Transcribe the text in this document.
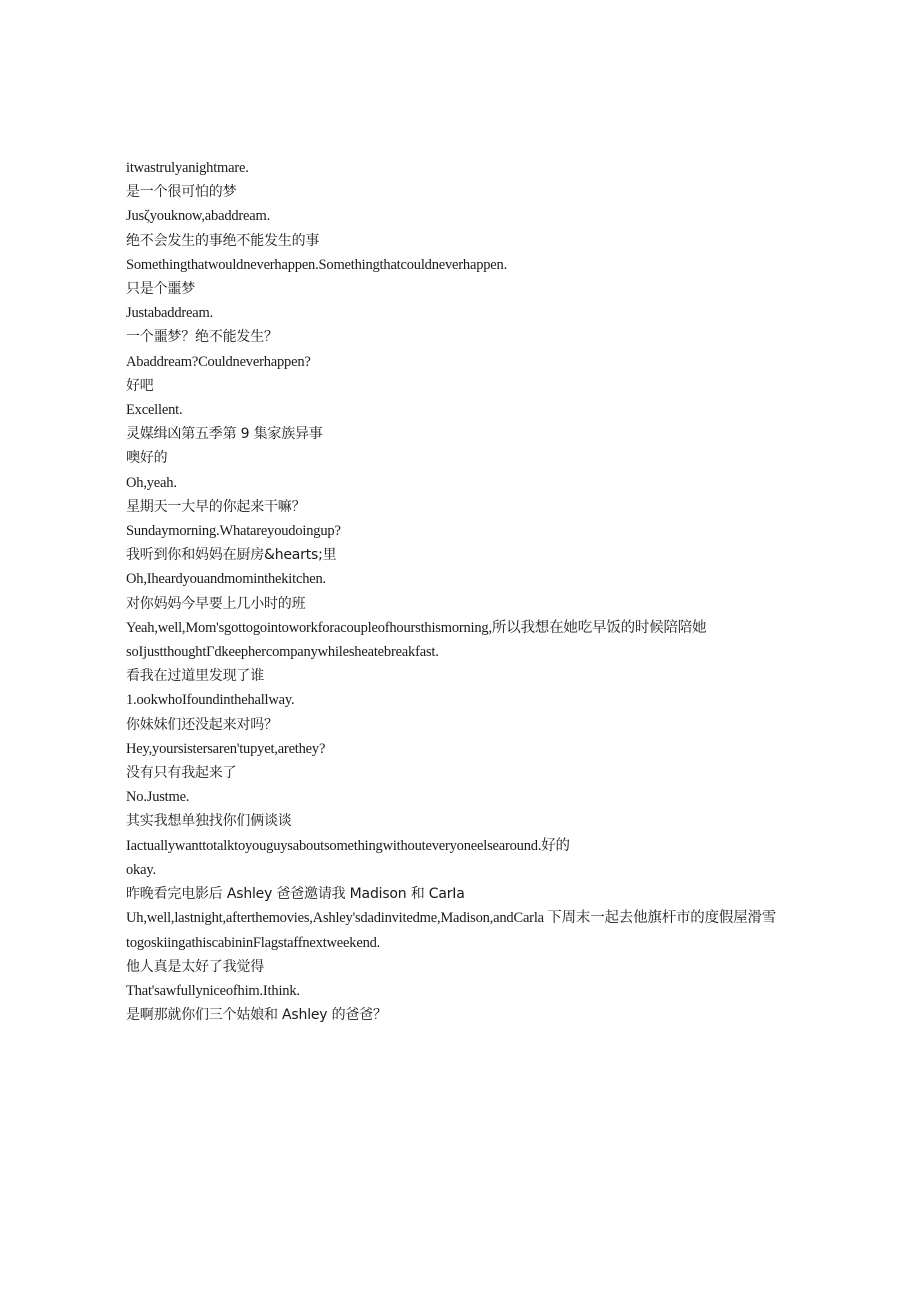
itwastrulyanightmare.
是一个很可怕的梦
Jusζyouknow,abaddream.
绝不会发生的事绝不能发生的事
Somethingthatwouldneverhappen.Somethingthatcouldneverhappen.
只是个噩梦
Justabaddream.
一个噩梦？绝不能发生？
Abaddream?Couldneverhappen?
好吧
Excellent.
灵媒缉凶第五季第 9 集家族异事
噢好的
Oh,yeah.
星期天一大早的你起来干嘛？
Sundaymorning.Whatareyoudoingup?
我听到你和妈妈在厨房&hearts;里
Oh,Iheardyouandmominthekitchen.
对你妈妈今早要上几小时的班
Yeah,well,Mom'sgottogointoworkforacoupleofhoursthismorning,所以我想在她吃早饭的时候陪陪她
soIjustthoughtΓdkeephercompanywhilesheatebreakfast.
看我在过道里发现了谁
1.ookwhoIfoundinthehallway.
你妹妹们还没起来对吗？
Hey,yoursistersaren'tupyet,arethey?
没有只有我起来了
No.Justme.
其实我想单独找你们俩谈谈
Iactuallywanttotalktoyouguysaboutsomethingwithouteveryoneelsearound.好的
okay.
昨晚看完电影后 Ashley 爸爸邀请我 Madison 和 CarIa
Uh,well,lastnight,afterthemovies,Ashley'sdadinvitedme,Madison,andCarla 下周末一起去他旗杆市的度假屋滑雪
togoskiingathiscabininFlagstaffnextweekend.
他人真是太好了我觉得
That'sawfullyniceofhim.Ithink.
是啊那就你们三个姑娘和 Ashley 的爸爸？
